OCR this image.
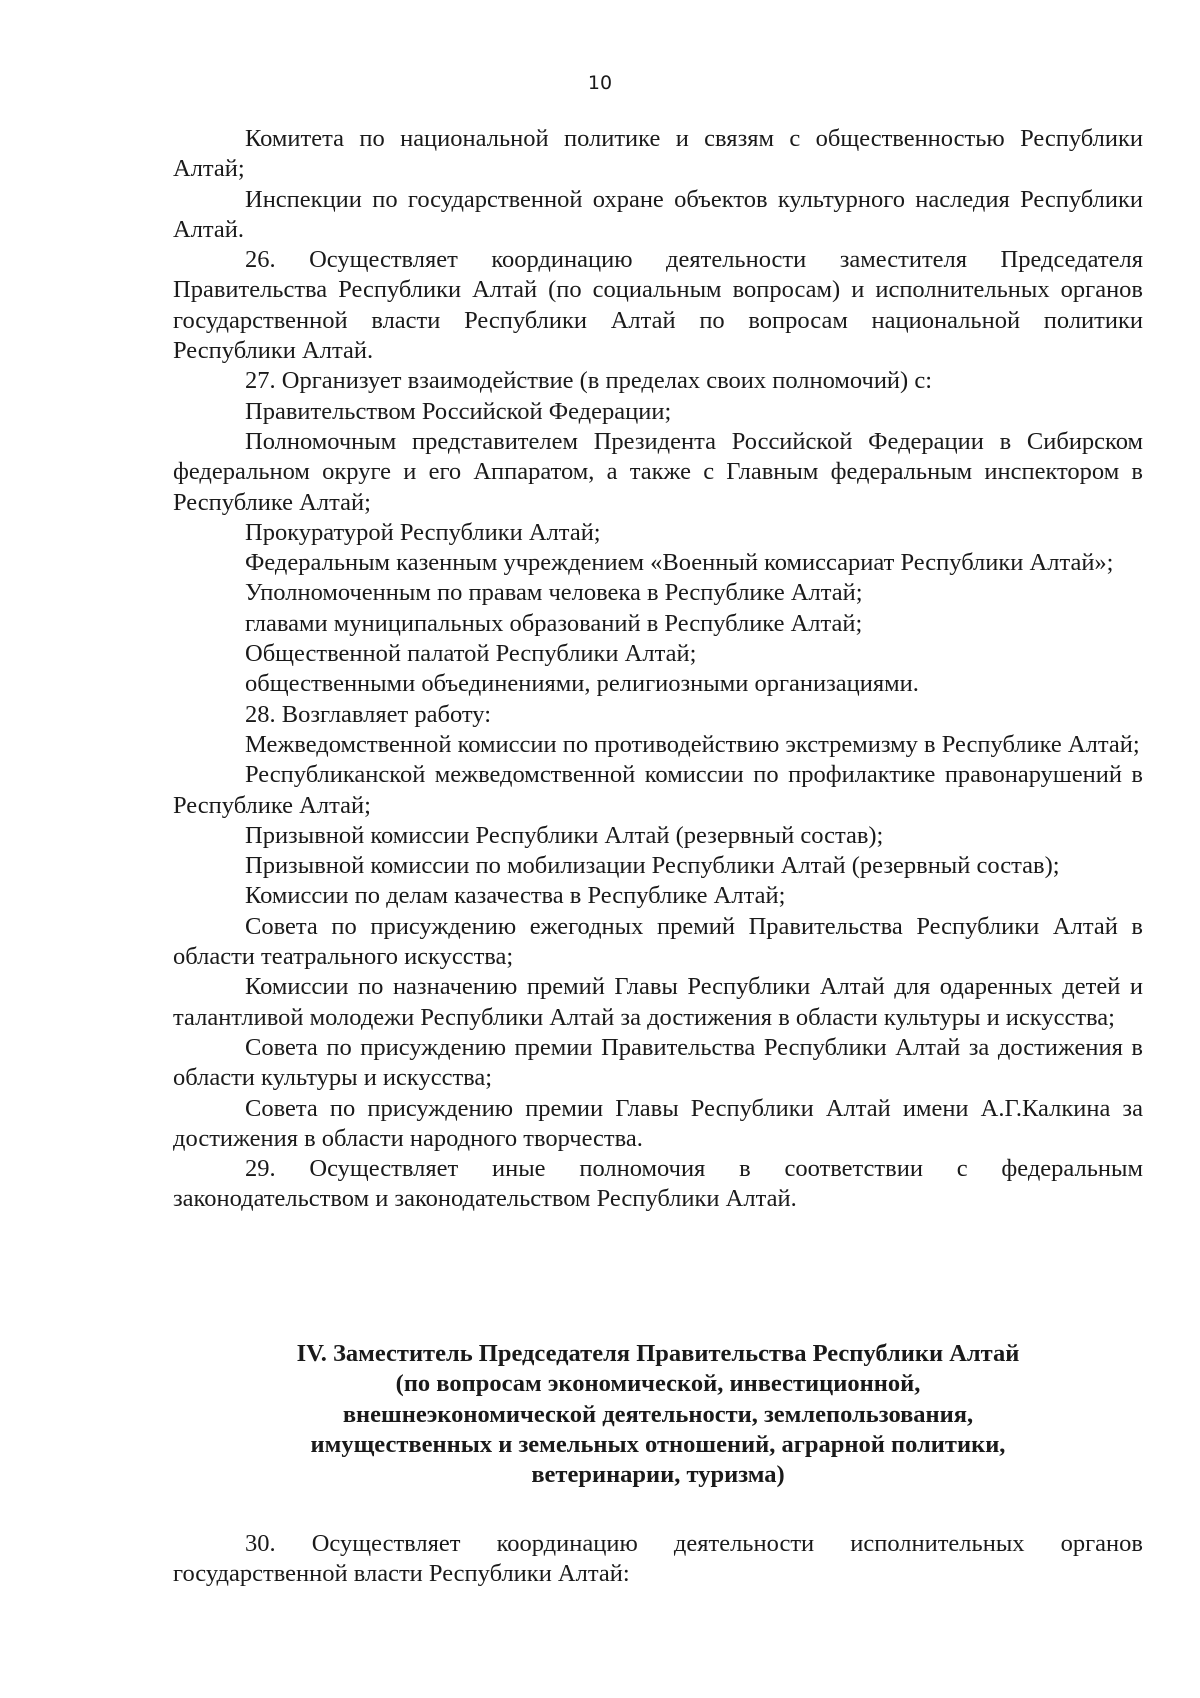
10

Комитета по национальной политике и связям с общественностью Республики Алтай;

Инспекции по государственной охране объектов культурного наследия Республики Алтай.

26. Осуществляет координацию деятельности заместителя Председателя Правительства Республики Алтай (по социальным вопросам) и исполнительных органов государственной власти Республики Алтай по вопросам национальной политики Республики Алтай.

27. Организует взаимодействие (в пределах своих полномочий) с:

Правительством Российской Федерации;

Полномочным представителем Президента Российской Федерации в Сибирском федеральном округе и его Аппаратом, а также с Главным федеральным инспектором в Республике Алтай;

Прокуратурой Республики Алтай;

Федеральным казенным учреждением «Военный комиссариат Республики Алтай»;

Уполномоченным по правам человека в Республике Алтай;

главами муниципальных образований в Республике Алтай;

Общественной палатой Республики Алтай;

общественными объединениями, религиозными организациями.

28. Возглавляет работу:

Межведомственной комиссии по противодействию экстремизму в Республике Алтай;

Республиканской межведомственной комиссии по профилактике правонарушений в Республике Алтай;

Призывной комиссии Республики Алтай (резервный состав);

Призывной комиссии по мобилизации Республики Алтай (резервный состав);

Комиссии по делам казачества в Республике Алтай;

Совета по присуждению ежегодных премий Правительства Республики Алтай в области театрального искусства;

Комиссии по назначению премий Главы Республики Алтай для одаренных детей и талантливой молодежи Республики Алтай за достижения в области культуры и искусства;

Совета по присуждению премии Правительства Республики Алтай за достижения в области культуры и искусства;

Совета по присуждению премии Главы Республики Алтай имени А.Г.Калкина за достижения в области народного творчества.

29. Осуществляет иные полномочия в соответствии с федеральным законодательством и законодательством Республики Алтай.

IV. Заместитель Председателя Правительства Республики Алтай
(по вопросам экономической, инвестиционной,
внешнеэкономической деятельности, землепользования,
имущественных и земельных отношений, аграрной политики,
ветеринарии, туризма)

30. Осуществляет координацию деятельности исполнительных органов государственной власти Республики Алтай:
